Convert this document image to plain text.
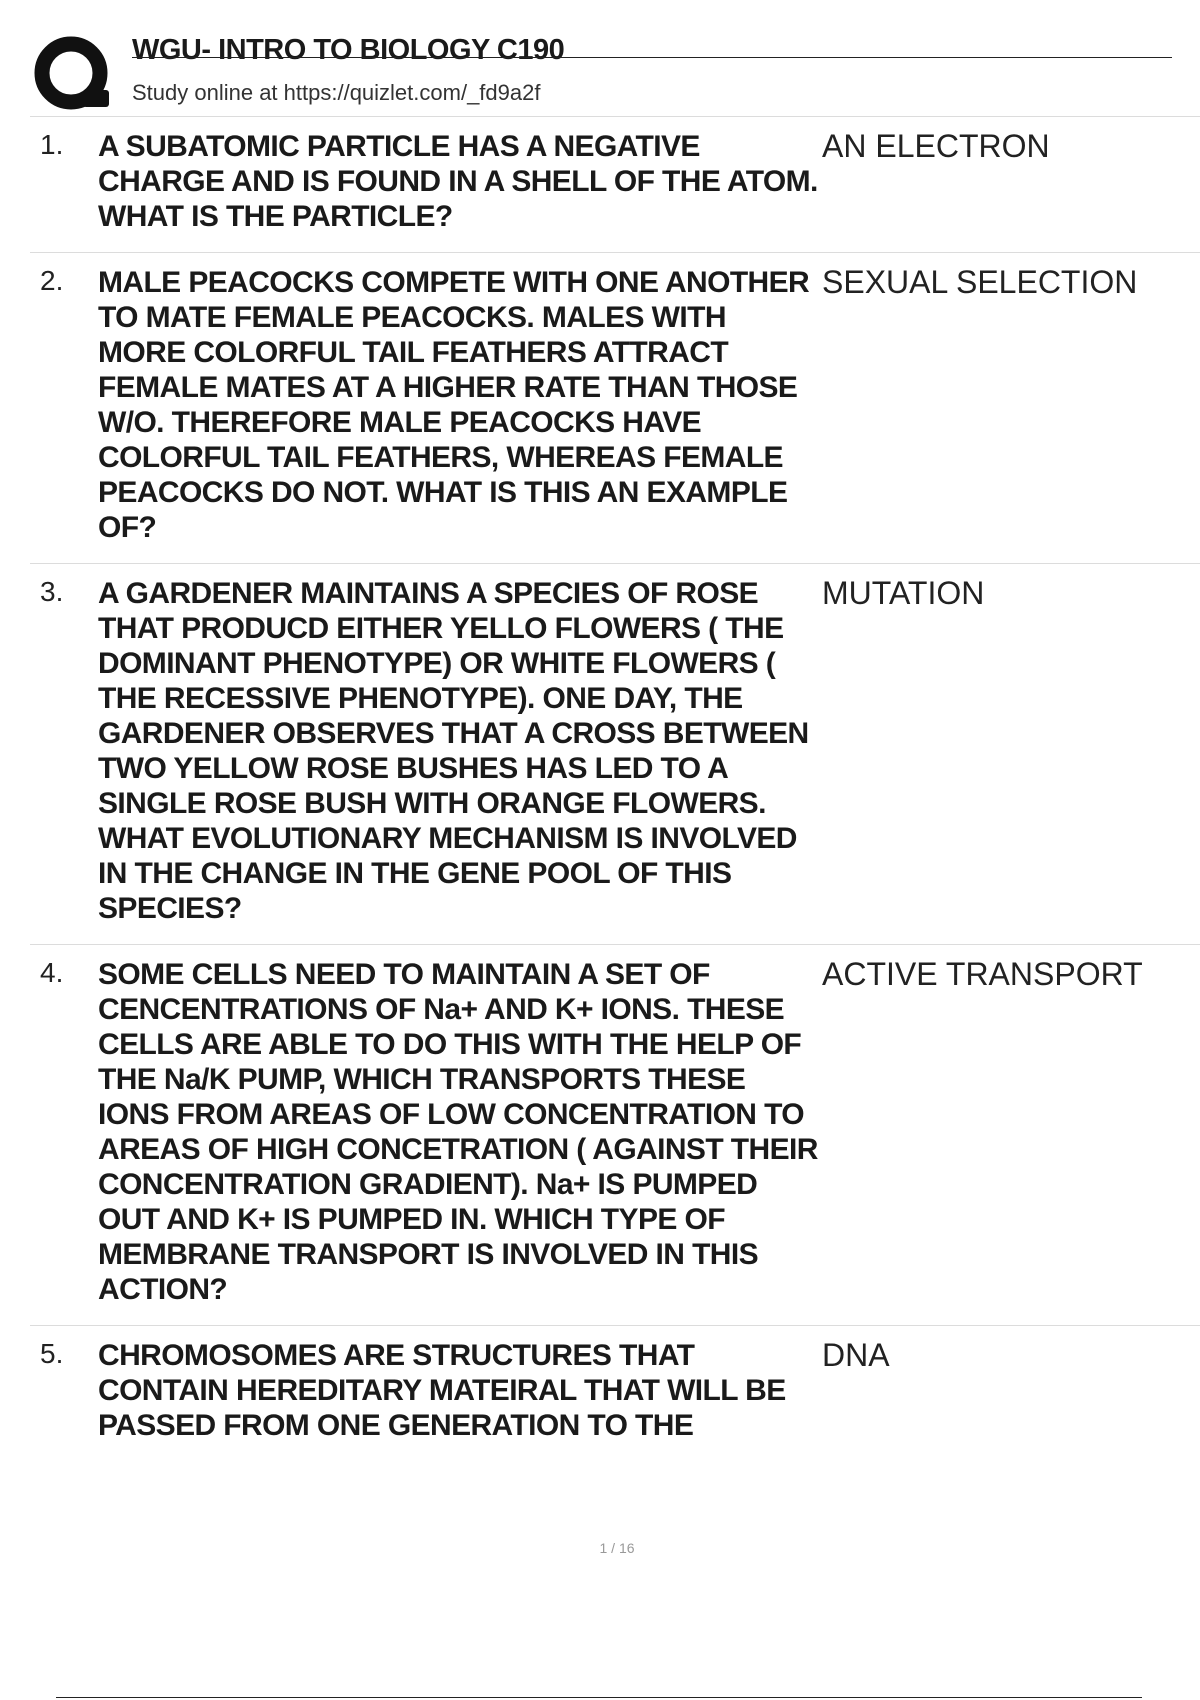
WGU- INTRO TO BIOLOGY C190
Study online at https://quizlet.com/_fd9a2f
1. A SUBATOMIC PARTICLE HAS A NEGATIVE CHARGE AND IS FOUND IN A SHELL OF THE ATOM. WHAT IS THE PARTICLE?
AN ELECTRON
2. MALE PEACOCKS COMPETE WITH ONE ANOTHER TO MATE FEMALE PEACOCKS. MALES WITH MORE COLORFUL TAIL FEATHERS ATTRACT FEMALE MATES AT A HIGHER RATE THAN THOSE W/O. THEREFORE MALE PEACOCKS HAVE COLORFUL TAIL FEATHERS, WHEREAS FEMALE PEACOCKS DO NOT. WHAT IS THIS AN EXAMPLE OF?
SEXUAL SELECTION
3. A GARDENER MAINTAINS A SPECIES OF ROSE THAT PRODUCD EITHER YELLO FLOWERS ( THE DOMINANT PHENOTYPE) OR WHITE FLOWERS ( THE RECESSIVE PHENOTYPE). ONE DAY, THE GARDENER OBSERVES THAT A CROSS BETWEEN TWO YELLOW ROSE BUSHES HAS LED TO A SINGLE ROSE BUSH WITH ORANGE FLOWERS. WHAT EVOLUTIONARY MECHANISM IS INVOLVED IN THE CHANGE IN THE GENE POOL OF THIS SPECIES?
MUTATION
4. SOME CELLS NEED TO MAINTAIN A SET OF CENCENTRATIONS OF Na+ AND K+ IONS. THESE CELLS ARE ABLE TO DO THIS WITH THE HELP OF THE Na/K PUMP, WHICH TRANSPORTS THESE IONS FROM AREAS OF LOW CONCENTRATION TO AREAS OF HIGH CONCETRATION ( AGAINST THEIR CONCENTRATION GRADIENT). Na+ IS PUMPED OUT AND K+ IS PUMPED IN. WHICH TYPE OF MEMBRANE TRANSPORT IS INVOLVED IN THIS ACTION?
ACTIVE TRANSPORT
5. CHROMOSOMES ARE STRUCTURES THAT CONTAIN HEREDITARY MATEIRAL THAT WILL BE PASSED FROM ONE GENERATION TO THE
DNA
1 / 16
